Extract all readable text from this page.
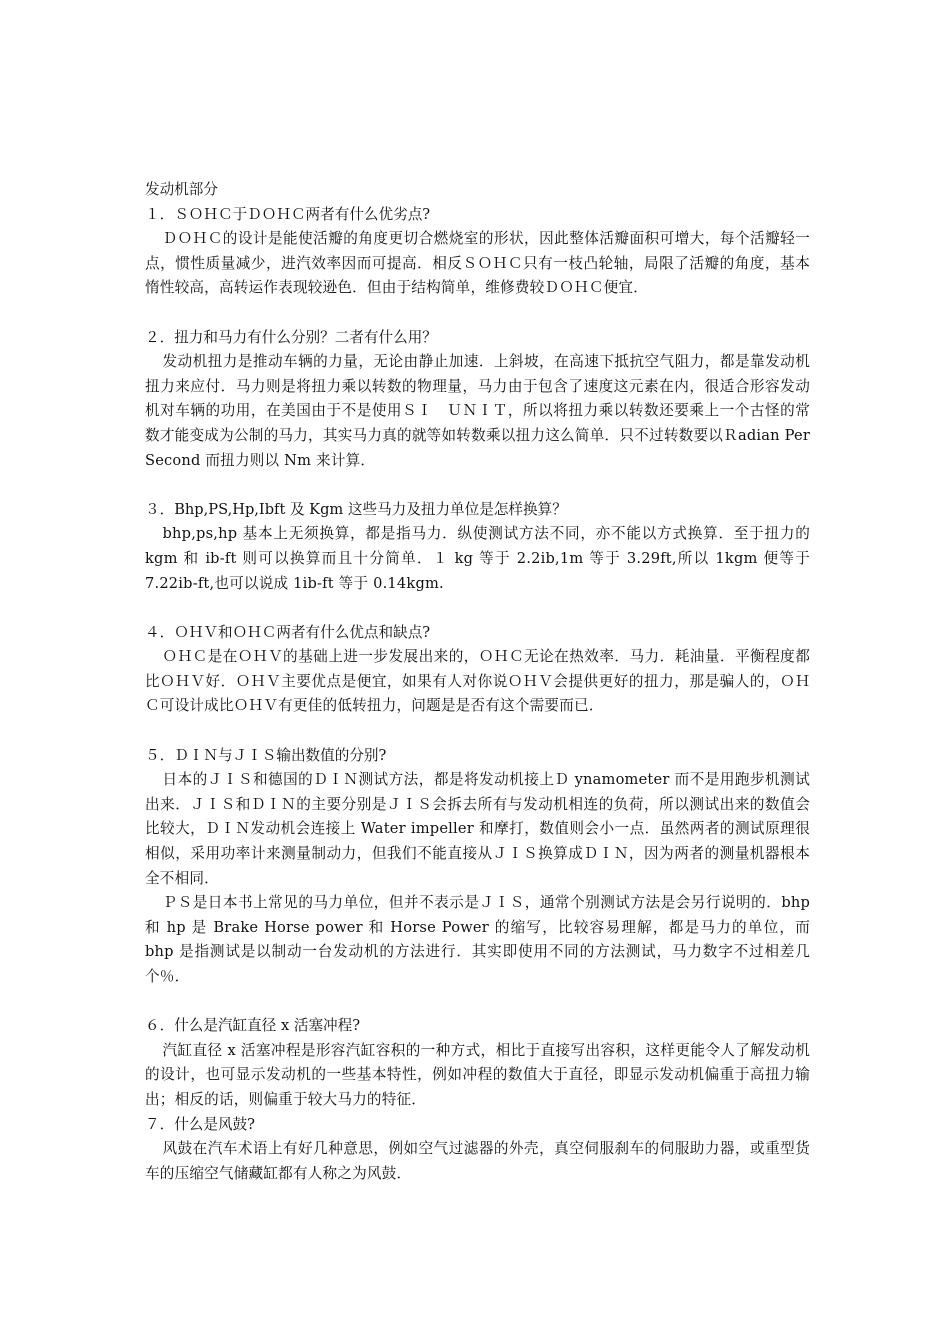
发动机部分

１．ＳＯＨＣ于ＤＯＨＣ两者有什么优劣点?

ＤＯＨＣ的设计是能使活瓣的角度更切合燃烧室的形状，因此整体活瓣面积可增大，每个活瓣轻一点，惯性质量减少，进汽效率因而可提高．相反ＳＯＨＣ只有一枝凸轮轴，局限了活瓣的角度，基本惰性较高，高转运作表现较逊色．但由于结构简单，维修费较ＤＯＨＣ便宜．

２．扭力和马力有什么分别？二者有什么用？

发动机扭力是推动车辆的力量，无论由静止加速．上斜坡，在高速下抵抗空气阻力，都是靠发动机扭力来应付．马力则是将扭力乘以转数的物理量，马力由于包含了速度这元素在内，很适合形容发动机对车辆的功用，在美国由于不是使用ＳＩ　ＵＮＩＴ，所以将扭力乘以转数还要乘上一个古怪的常数才能变成为公制的马力，其实马力真的就等如转数乘以扭力这么简单．只不过转数要以Ｒadian Per Second 而扭力则以 Nm 来计算．

３．Bhp,PS,Hp,Ibft 及 Kgm 这些马力及扭力单位是怎样换算？

bhp,ps,hp 基本上无须换算，都是指马力．纵使测试方法不同，亦不能以方式换算．至于扭力的 kgm 和 ib-ft 则可以换算而且十分简单．１ kg 等于 2.2ib,1m 等于 3.29ft,所以 1kgm 便等于 7.22ib-ft,也可以说成 1ib-ft 等于 0.14kgm.

４．ＯＨＶ和ＯＨＣ两者有什么优点和缺点?

ＯＨＣ是在ＯＨＶ的基础上进一步发展出来的，ＯＨＣ无论在热效率．马力．耗油量．平衡程度都比ＯＨＶ好．ＯＨＶ主要优点是便宜，如果有人对你说ＯＨＶ会提供更好的扭力，那是骗人的，ＯＨＣ可设计成比ＯＨＶ有更佳的低转扭力，问题是是否有这个需要而已．

５．ＤＩＮ与ＪＩＳ输出数值的分别?

日本的ＪＩＳ和德国的ＤＩＮ测试方法，都是将发动机接上Ｄ ynamometer 而不是用跑步机测试出来．ＪＩＳ和ＤＩＮ的主要分别是ＪＩＳ会拆去所有与发动机相连的负荷，所以测试出来的数值会比较大，ＤＩＮ发动机会连接上 Water impeller 和摩打，数值则会小一点．虽然两者的测试原理很相似，采用功率计来测量制动力，但我们不能直接从ＪＩＳ换算成ＤＩＮ，因为两者的测量机器根本全不相同．

ＰＳ是日本书上常见的马力单位，但并不表示是ＪＩＳ，通常个别测试方法是会另行说明的．bhp 和 hp 是 Brake Horse power 和 Horse Power 的缩写，比较容易理解，都是马力的单位，而 bhp 是指测试是以制动一台发动机的方法进行．其实即使用不同的方法测试，马力数字不过相差几个％．

６．什么是汽缸直径 x 活塞冲程?

汽缸直径 x 活塞冲程是形容汽缸容积的一种方式，相比于直接写出容积，这样更能令人了解发动机的设计，也可显示发动机的一些基本特性，例如冲程的数值大于直径，即显示发动机偏重于高扭力输出；相反的话，则偏重于较大马力的特征．

７．什么是风鼓?

风鼓在汽车术语上有好几种意思，例如空气过滤器的外壳，真空伺服刹车的伺服助力器，或重型货车的压缩空气储藏缸都有人称之为风鼓．
